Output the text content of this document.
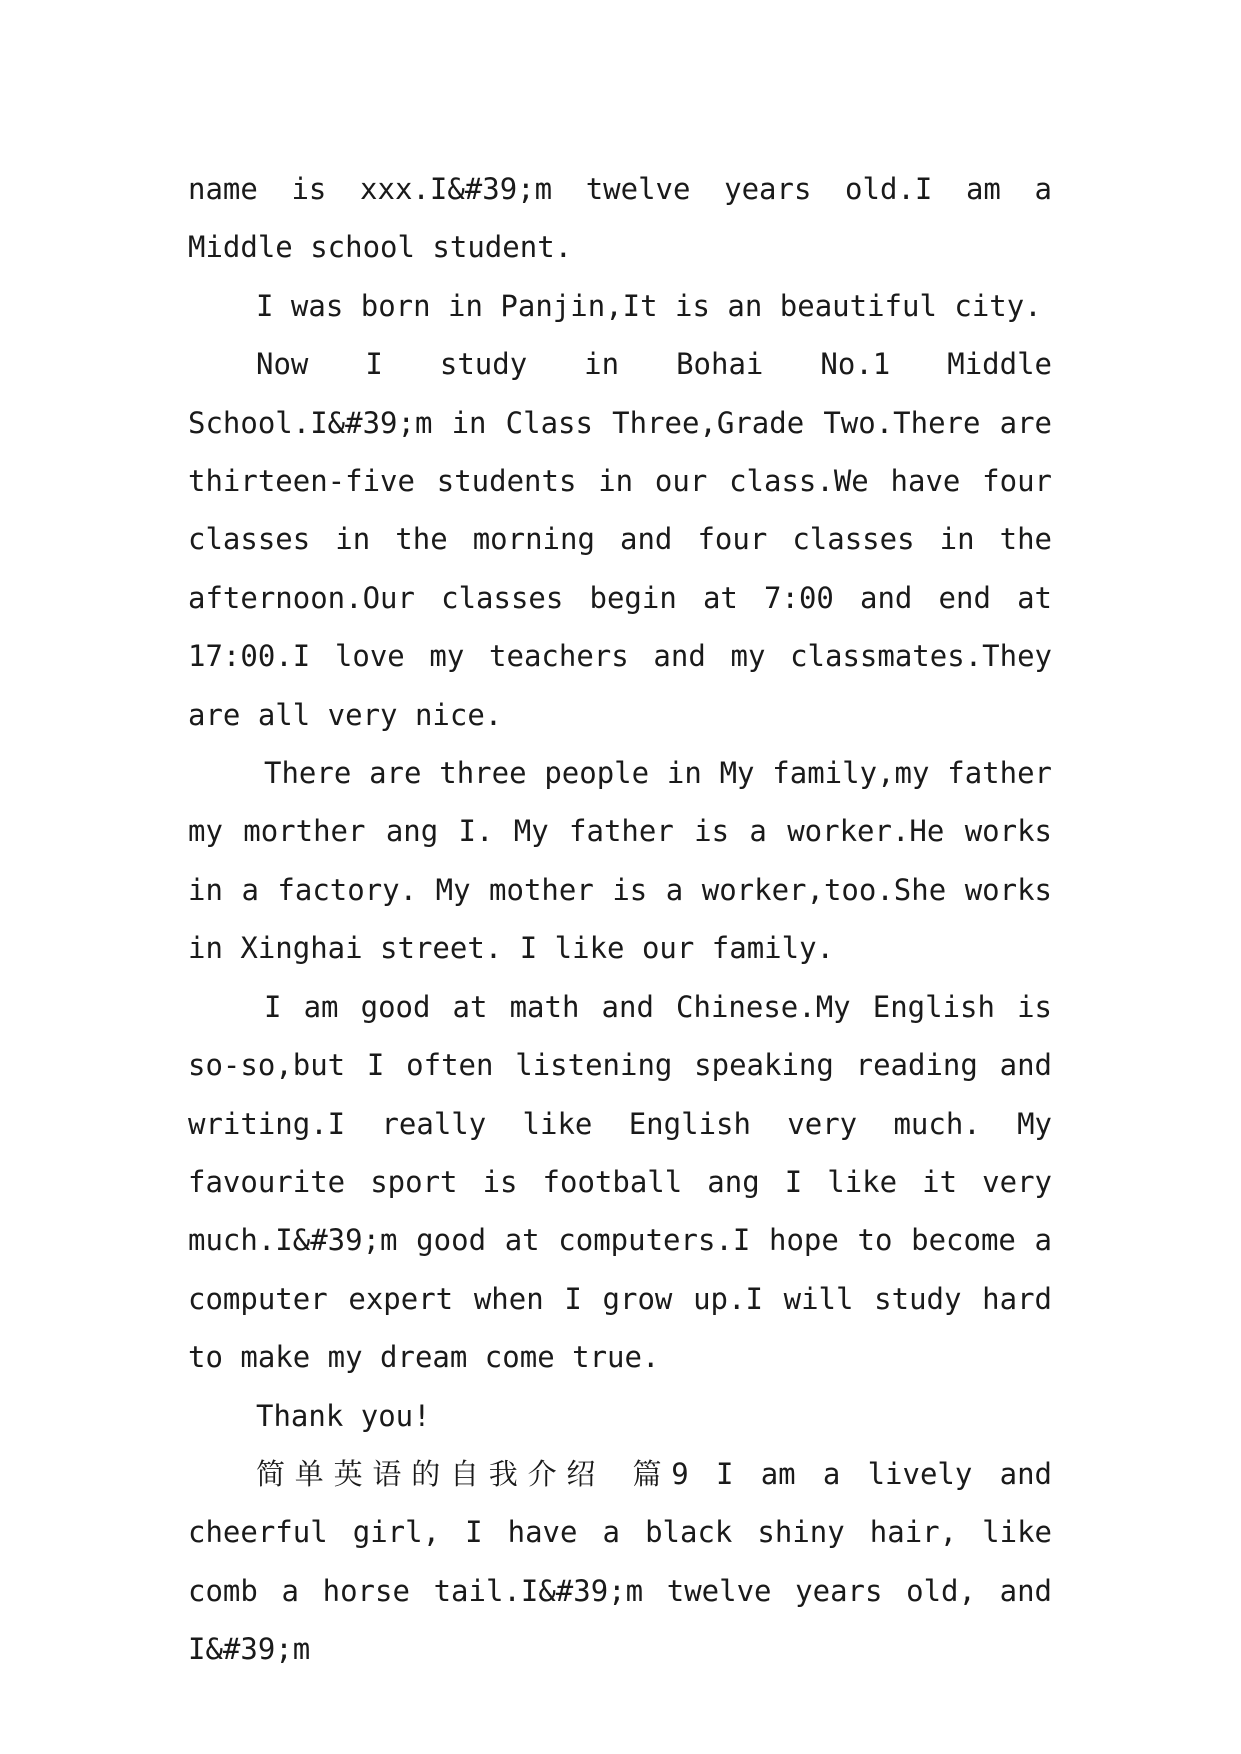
name is xxx.I&#39;m twelve years old.I am a Middle school student.

I was born in Panjin,It is an beautiful city.

Now I study in Bohai No.1 Middle School.I&#39;m in Class Three,Grade Two.There are thirteen-five students in our class.We have four classes in the morning and four classes in the afternoon.Our classes begin at 7:00 and end at 17:00.I love my teachers and my classmates.They are all very nice.

There are three people in My family,my father my morther ang I. My father is a worker.He works in a factory. My mother is a worker,too.She works in Xinghai street. I like our family.

I am good at math and Chinese.My English is so-so,but I often listening speaking reading and writing.I really like English very much. My favourite sport is football ang I like it very much.I&#39;m good at computers.I hope to become a computer expert when I grow up.I will study hard to make my dream come true.

Thank you!

简单英语的自我介绍 篇9 I am a lively and cheerful girl, I have a black shiny hair, like comb a horse tail.I&#39;m twelve years old, and I&#39;m
